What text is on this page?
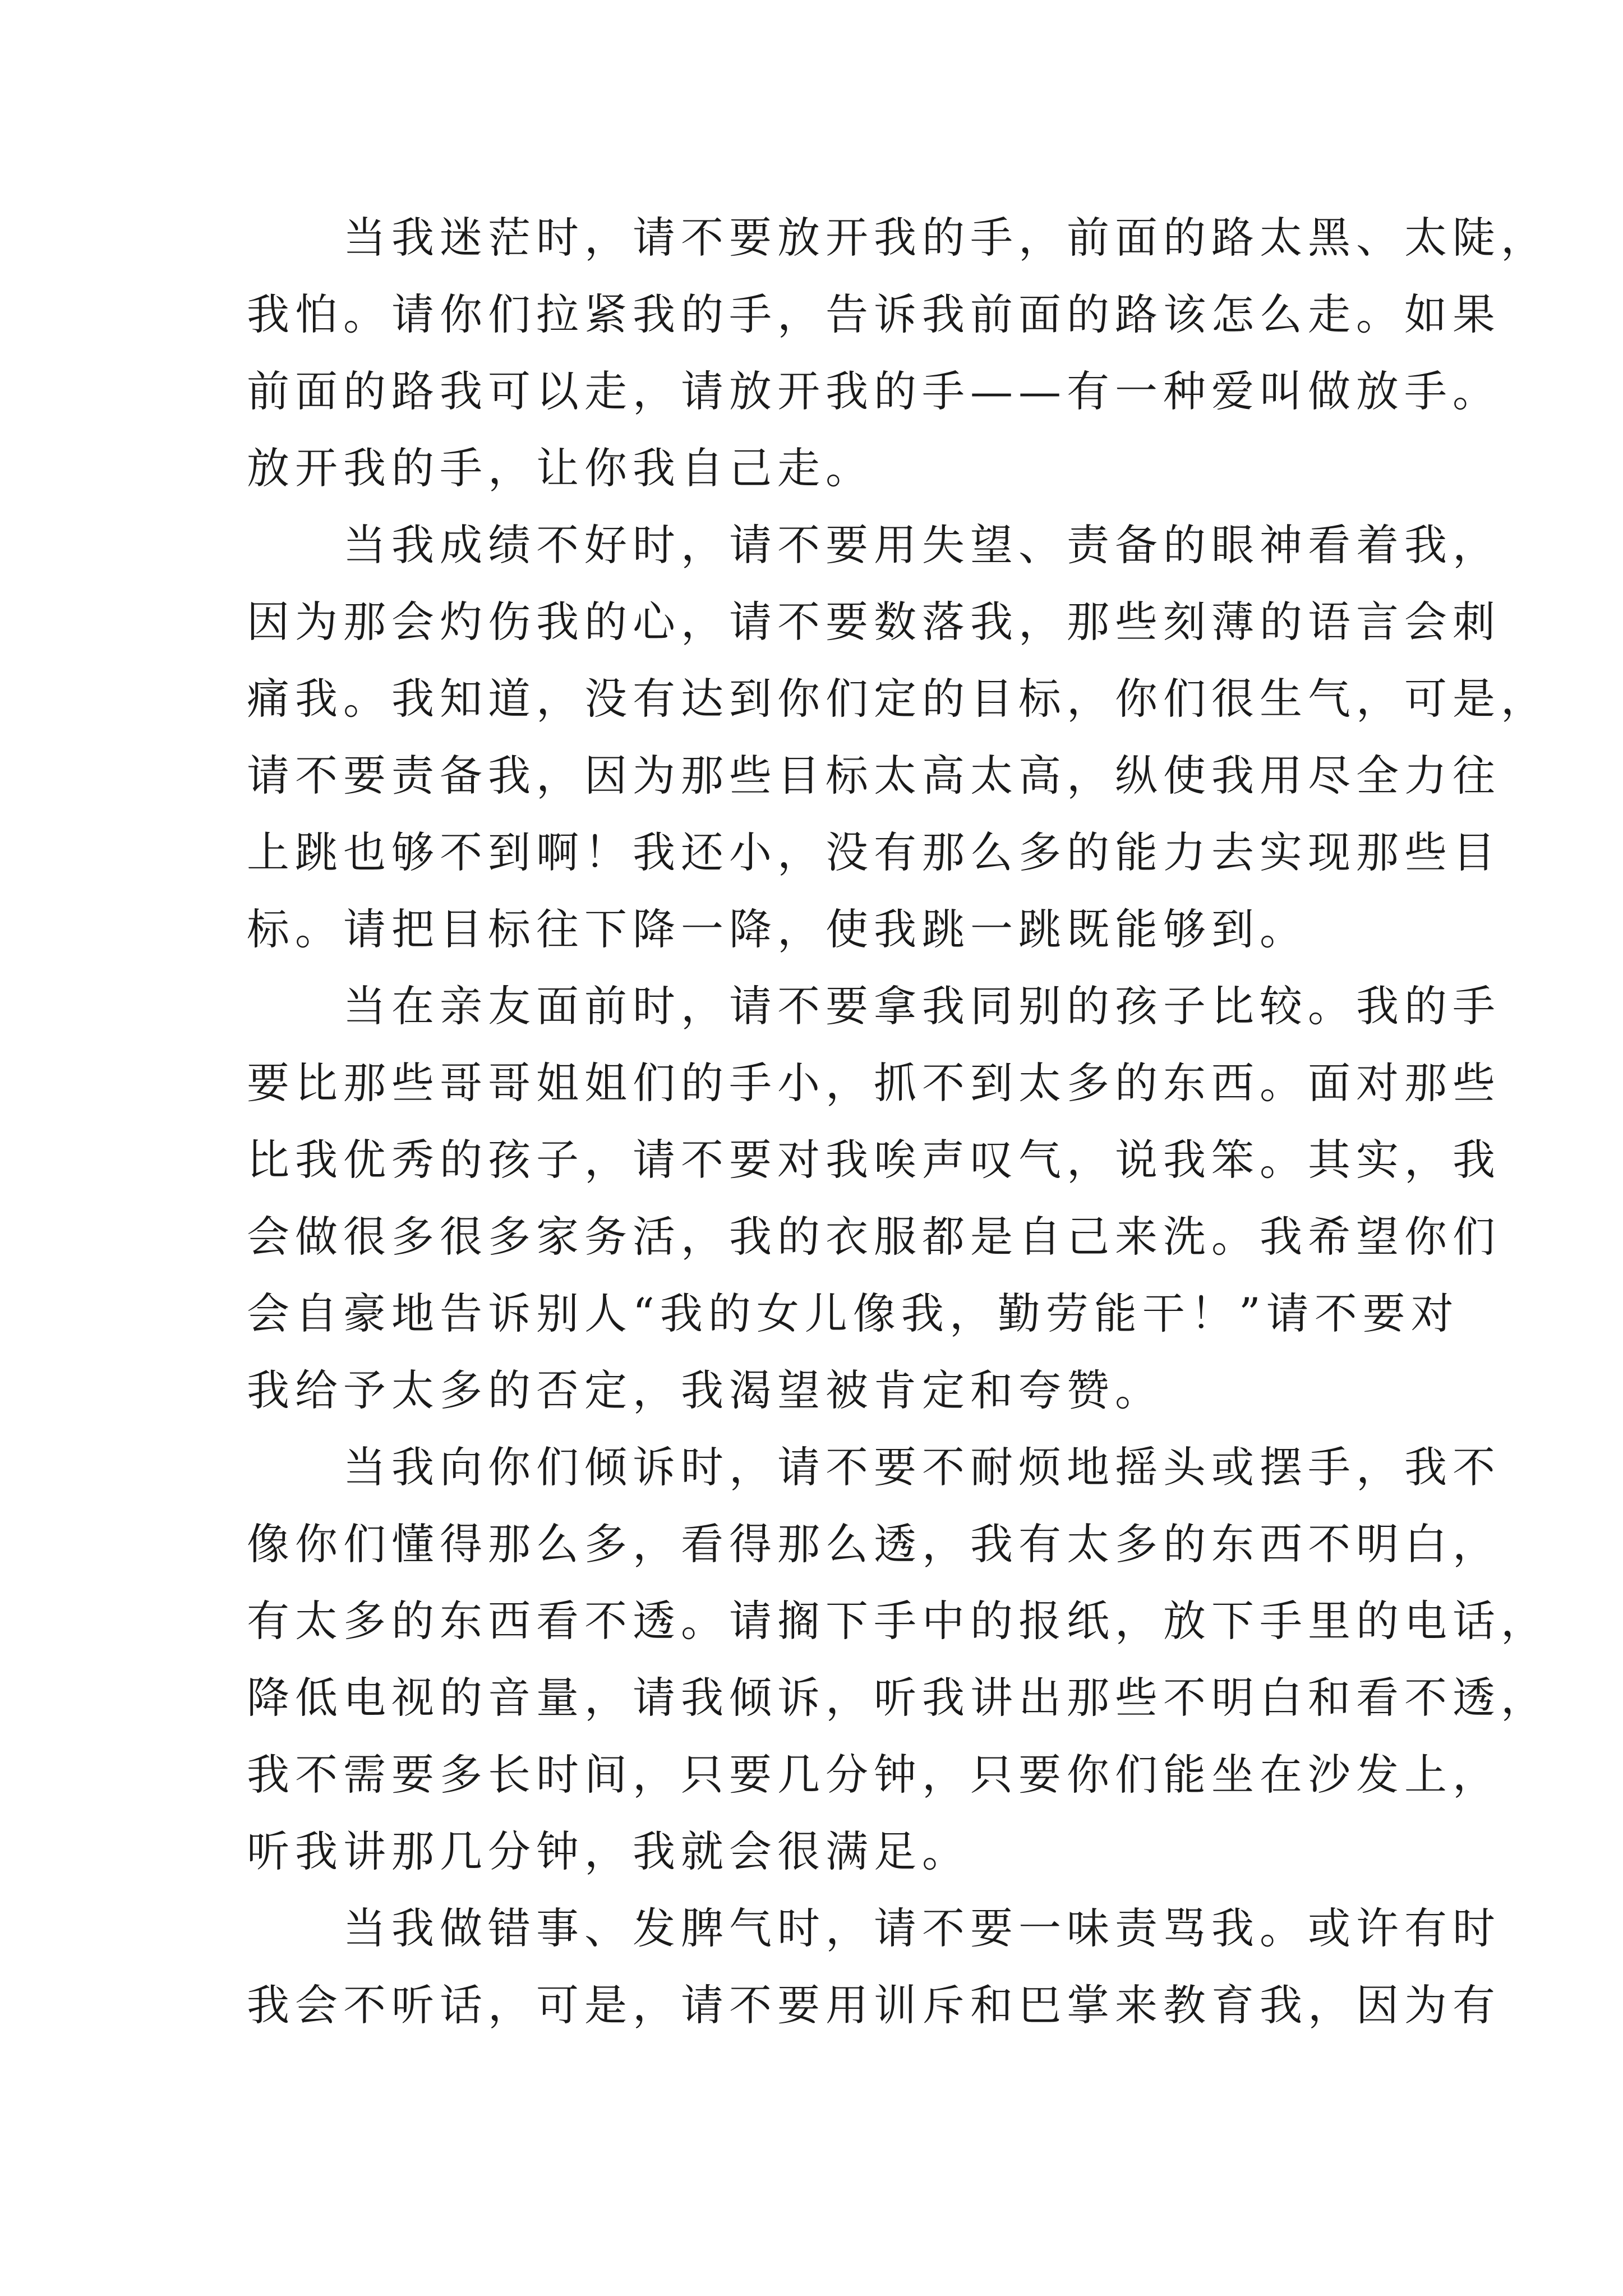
当我迷茫时，请不要放开我的手，前面的路太黑、太陡，
我怕。请你们拉紧我的手，告诉我前面的路该怎么走。如果
前面的路我可以走，请放开我的手——有一种爱叫做放手。
放开我的手，让你我自己走。

当我成绩不好时，请不要用失望、责备的眼神看着我，
因为那会灼伤我的心，请不要数落我，那些刻薄的语言会刺
痛我。我知道，没有达到你们定的目标，你们很生气，可是，
请不要责备我，因为那些目标太高太高，纵使我用尽全力往
上跳也够不到啊！我还小，没有那么多的能力去实现那些目
标。请把目标往下降一降，使我跳一跳既能够到。

当在亲友面前时，请不要拿我同别的孩子比较。我的手
要比那些哥哥姐姐们的手小，抓不到太多的东西。面对那些
比我优秀的孩子，请不要对我唉声叹气，说我笨。其实，我
会做很多很多家务活，我的衣服都是自己来洗。我希望你们
会自豪地告诉别人“我的女儿像我，勤劳能干！”请不要对
我给予太多的否定，我渴望被肯定和夸赞。

当我向你们倾诉时，请不要不耐烦地摇头或摆手，我不
像你们懂得那么多，看得那么透，我有太多的东西不明白，
有太多的东西看不透。请搁下手中的报纸，放下手里的电话，
降低电视的音量，请我倾诉，听我讲出那些不明白和看不透，
我不需要多长时间，只要几分钟，只要你们能坐在沙发上，
听我讲那几分钟，我就会很满足。

当我做错事、发脾气时，请不要一味责骂我。或许有时
我会不听话，可是，请不要用训斥和巴掌来教育我，因为有
